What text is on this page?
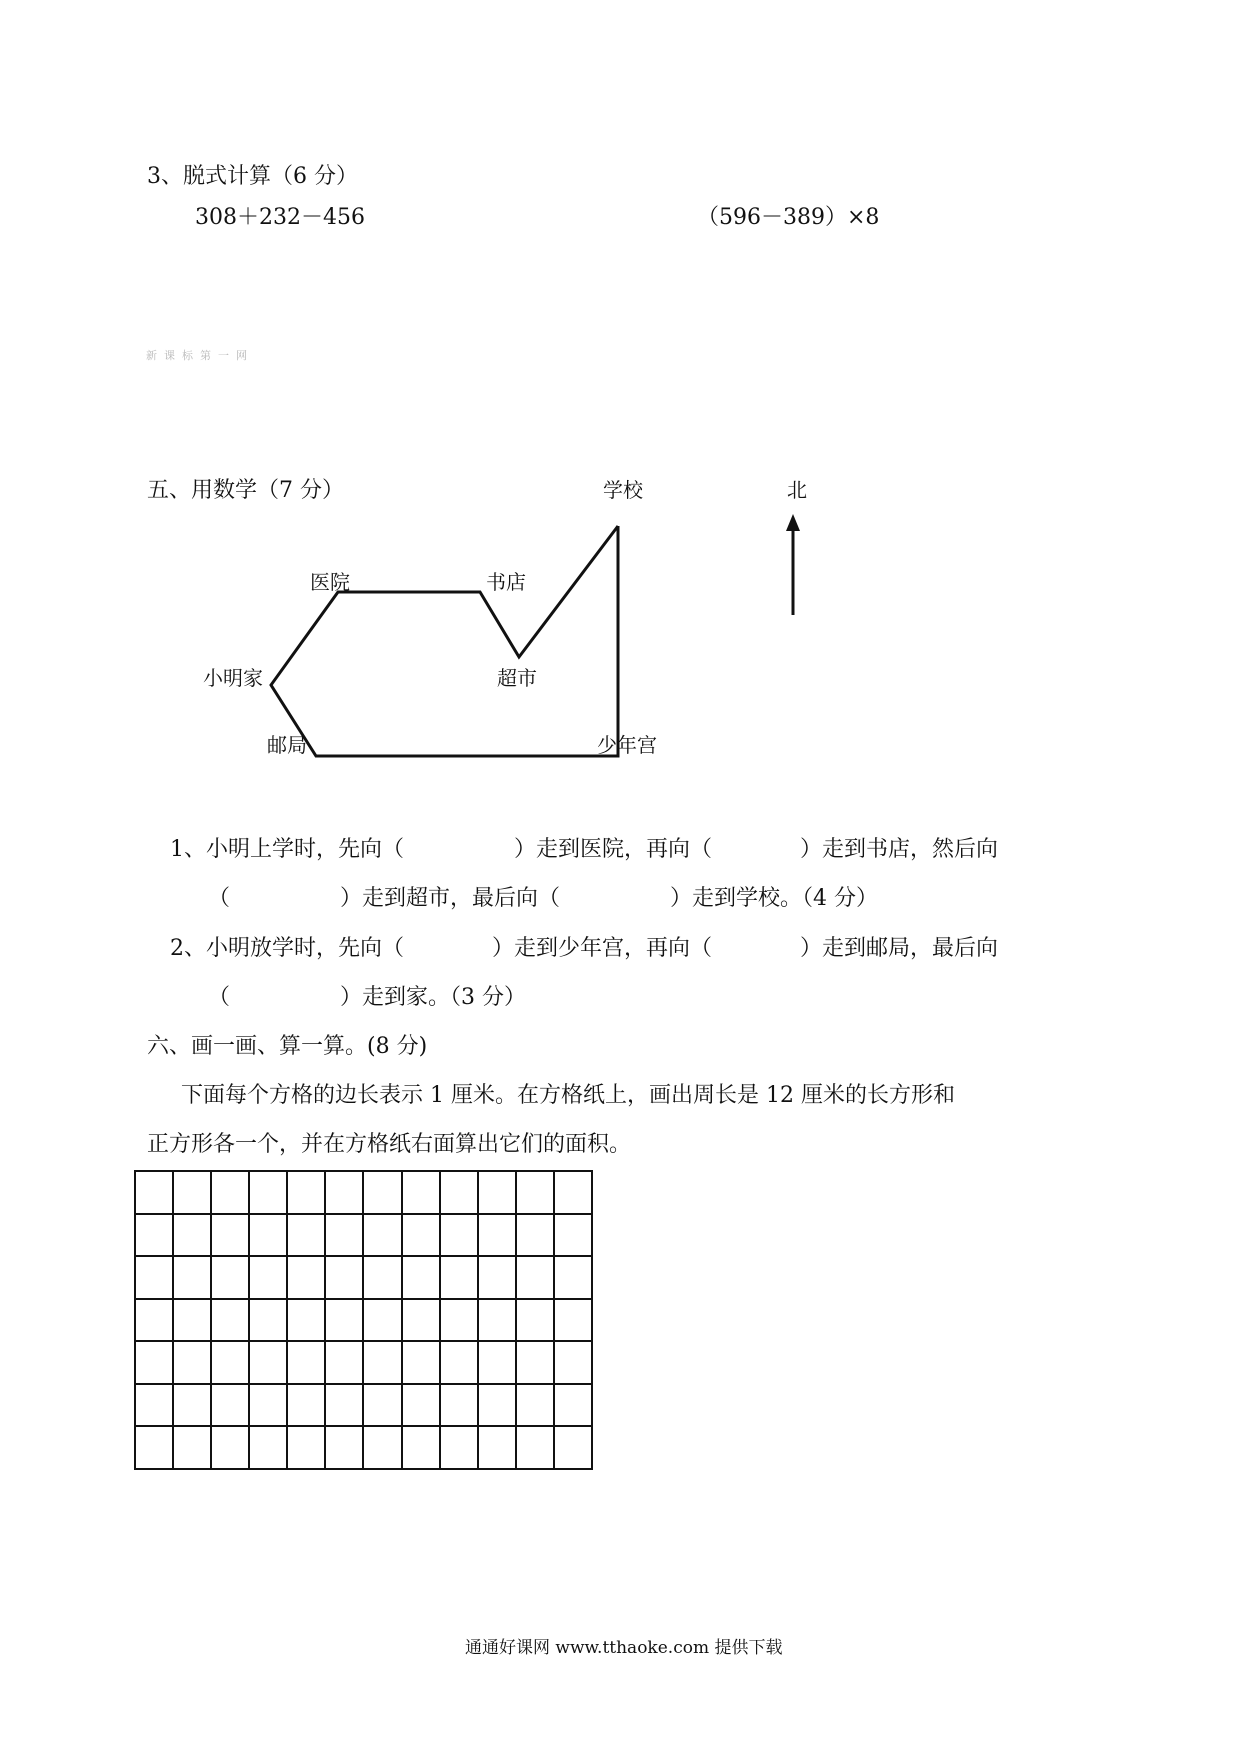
3、脱式计算（6 分）
308＋232－456	（596－389）×8
新课标第一网
五、用数学（7 分）	学校	北
医院	书店
小明家	超市
邮局	少年宫
1、小明上学时，先向（　　　　　）走到医院，再向（　　　　）走到书店，然后向
（　　　　　）走到超市，最后向（　　　　　）走到学校。（4 分）
2、小明放学时，先向（　　　　）走到少年宫，再向（　　　　）走到邮局，最后向
（　　　　　）走到家。（3 分）
六、画一画、算一算。(8 分)
下面每个方格的边长表示 1 厘米。在方格纸上，画出周长是 12 厘米的长方形和
正方形各一个，并在方格纸右面算出它们的面积。

通通好课网 www.tthaoke.com 提供下载
